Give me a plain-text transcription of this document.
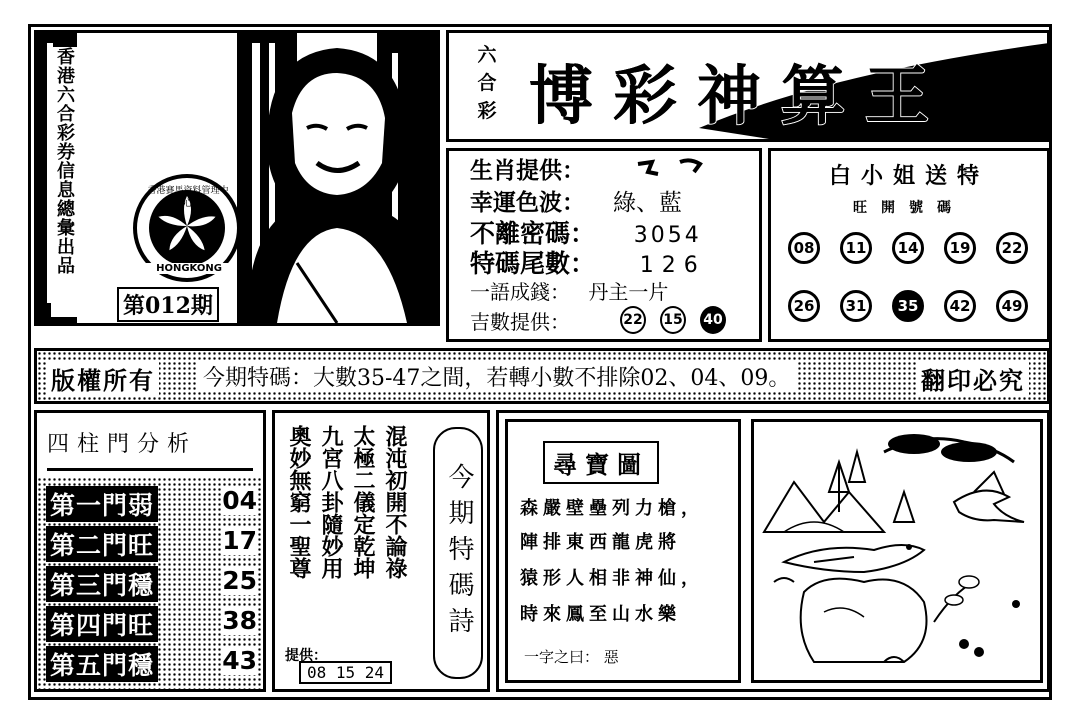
香港六合彩券信息總彙出品	香港賽馬資料管理中心
HONGKONG
第012期
六
合
彩 博彩神算王
生肖提供：
幸運色波： 綠、藍
不離密碼： 3054
特碼尾數： 126
一語成錢： 丹主一片
吉數提供：	22 15 40
白小姐送特
旺開號碼
08	11	14	19	22
26	31	35	42	49
版權所有 今期特碼：大數35-47之間，若轉小數不排除02、04、09。	翻印必究
四柱門分析
第一門弱	04
第二門旺	17
第三門穩	25
第四門旺	38
第五門穩	43
奧妙無窮一聖尊 九宮八卦隨妙用 太極二儀定乾坤 混沌初開不論祿	今期特碼詩
提供：
08 15 24
尋寶圖
森嚴壁壘列力槍，
陣排東西龍虎將
猿形人相非神仙，
時來鳳至山水樂
一字之曰： 惡
